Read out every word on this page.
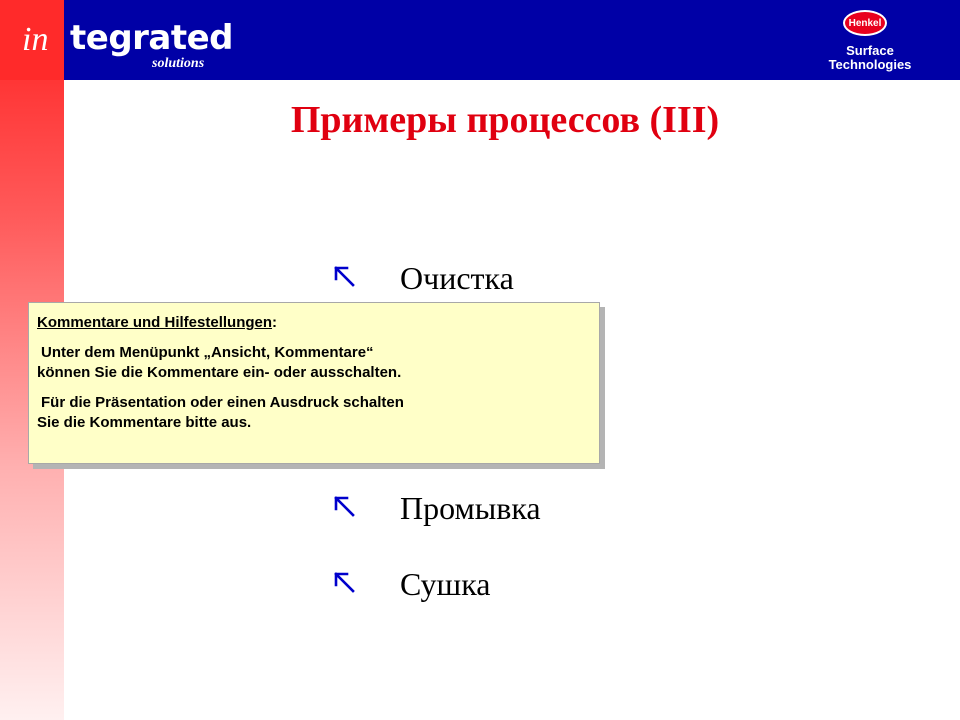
in tegrated
solutions
Henkel
Surface
Technologies
Примеры процессов (III)
Очистка
Промывка
Сушка
Kommentare und Hilfestellungen:
Unter dem Menüpunkt „Ansicht, Kommentare“
können Sie die Kommentare ein- oder ausschalten.
Für die Präsentation oder einen Ausdruck schalten
Sie die Kommentare bitte aus.
